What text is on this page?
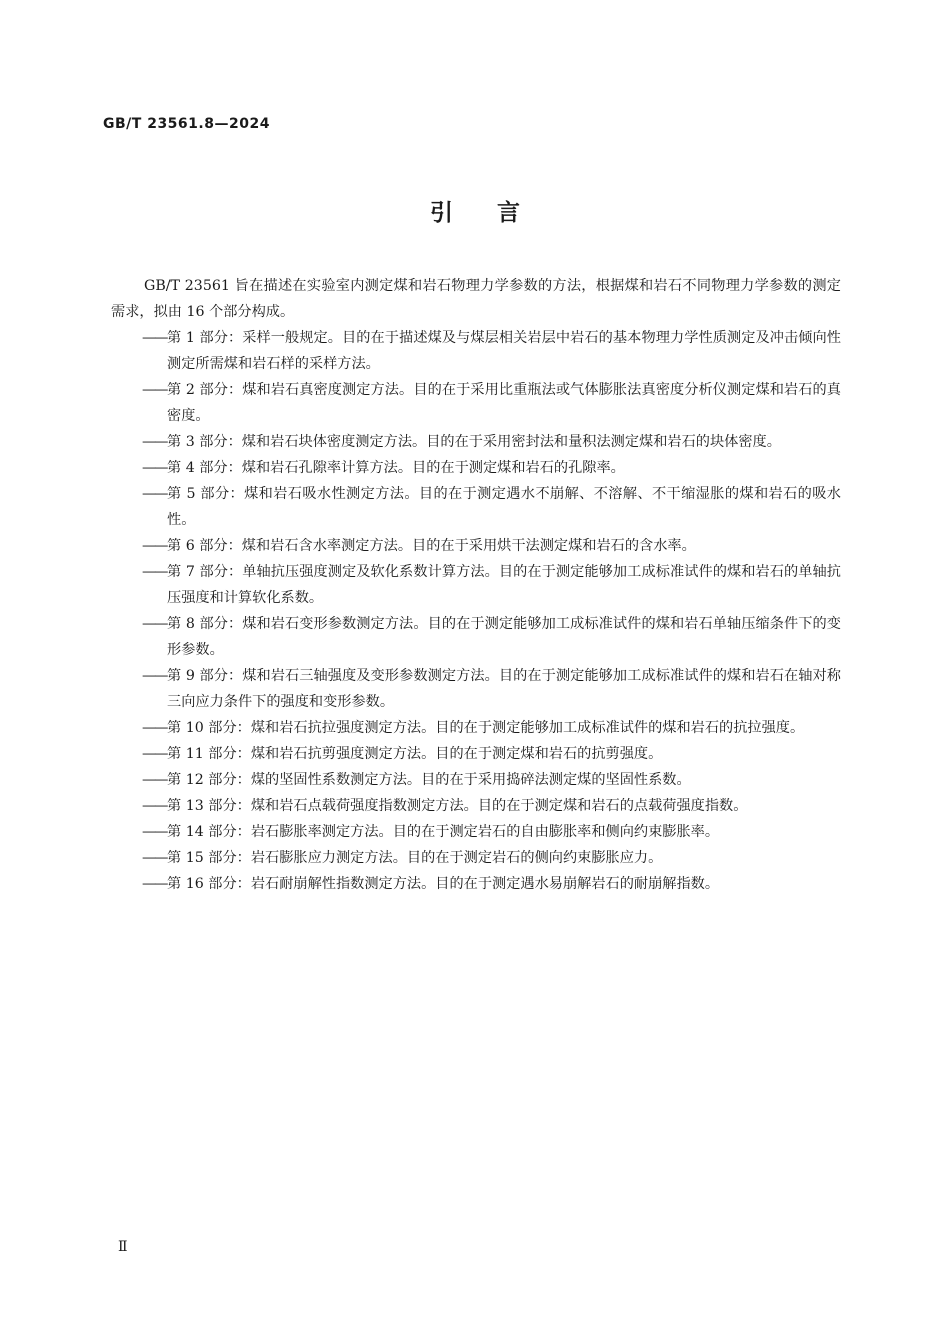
GB/T 23561.8—2024
引言

GB/T 23561 旨在描述在实验室内测定煤和岩石物理力学参数的方法，根据煤和岩石不同物理力学参数的测定需求，拟由 16 个部分构成。

—— 第 1 部分：采样一般规定。目的在于描述煤及与煤层相关岩层中岩石的基本物理力学性质测定及冲击倾向性测定所需煤和岩石样的采样方法。
—— 第 2 部分：煤和岩石真密度测定方法。目的在于采用比重瓶法或气体膨胀法真密度分析仪测定煤和岩石的真密度。
—— 第 3 部分：煤和岩石块体密度测定方法。目的在于采用密封法和量积法测定煤和岩石的块体密度。
—— 第 4 部分：煤和岩石孔隙率计算方法。目的在于测定煤和岩石的孔隙率。
—— 第 5 部分：煤和岩石吸水性测定方法。目的在于测定遇水不崩解、不溶解、不干缩湿胀的煤和岩石的吸水性。
—— 第 6 部分：煤和岩石含水率测定方法。目的在于采用烘干法测定煤和岩石的含水率。
—— 第 7 部分：单轴抗压强度测定及软化系数计算方法。目的在于测定能够加工成标准试件的煤和岩石的单轴抗压强度和计算软化系数。
—— 第 8 部分：煤和岩石变形参数测定方法。目的在于测定能够加工成标准试件的煤和岩石单轴压缩条件下的变形参数。
—— 第 9 部分：煤和岩石三轴强度及变形参数测定方法。目的在于测定能够加工成标准试件的煤和岩石在轴对称三向应力条件下的强度和变形参数。
—— 第 10 部分：煤和岩石抗拉强度测定方法。目的在于测定能够加工成标准试件的煤和岩石的抗拉强度。
—— 第 11 部分：煤和岩石抗剪强度测定方法。目的在于测定煤和岩石的抗剪强度。
—— 第 12 部分：煤的坚固性系数测定方法。目的在于采用捣碎法测定煤的坚固性系数。
—— 第 13 部分：煤和岩石点载荷强度指数测定方法。目的在于测定煤和岩石的点载荷强度指数。
—— 第 14 部分：岩石膨胀率测定方法。目的在于测定岩石的自由膨胀率和侧向约束膨胀率。
—— 第 15 部分：岩石膨胀应力测定方法。目的在于测定岩石的侧向约束膨胀应力。
—— 第 16 部分：岩石耐崩解性指数测定方法。目的在于测定遇水易崩解岩石的耐崩解指数。
Ⅱ
